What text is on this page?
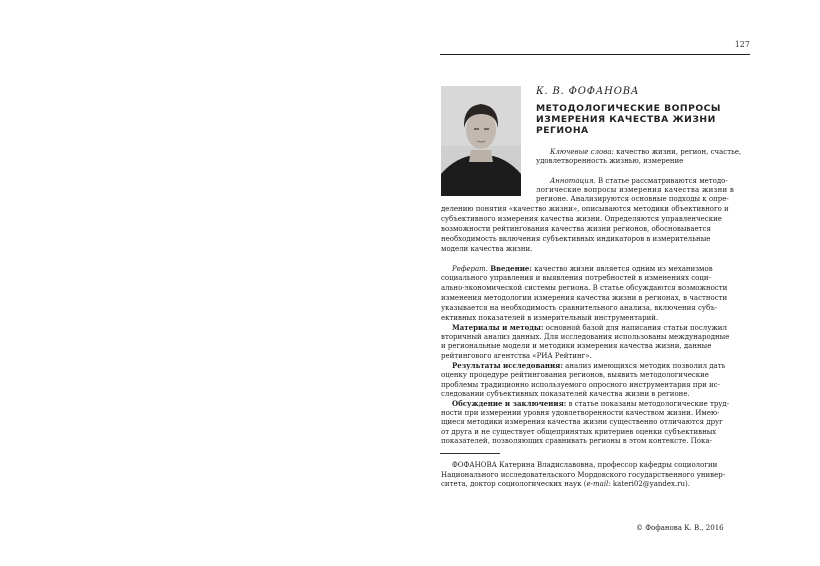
127
К. В. ФОФАНОВА
МЕТОДОЛОГИЧЕСКИЕ ВОПРОСЫ
ИЗМЕРЕНИЯ КАЧЕСТВА ЖИЗНИ
РЕГИОНА
Ключевые слова: качество жизни, регион, счастье,
удовлетворенность жизнью, измерение
Аннотация. В статье рассматриваются методо-
логические вопросы измерения качества жизни в
регионе. Анализируются основные подходы к опре-
делению понятия «качество жизни», описываются методики объективного и
субъективного измерения качества жизни. Определяются управленческие
возможности рейтингования качества жизни регионов, обосновывается
необходимость включения субъективных индикаторов в измерительные
модели качества жизни.
Реферат. Введение: качество жизни является одним из механизмов
социального управления и выявления потребностей в изменениях соци-
ально-экономической системы региона. В статье обсуждаются возможности
изменения методологии измерения качества жизни в регионах, в частности
указывается на необходимость сравнительного анализа, включения субъ-
ективных показателей в измерительный инструментарий.
Материалы и методы: основной базой для написания статьи послужил
вторичный анализ данных. Для исследования использованы международные
и региональные модели и методики измерения качества жизни, данные
рейтингового агентства «РИА Рейтинг».
Результаты исследования: анализ имеющихся методик позволил дать
оценку процедуре рейтингования регионов, выявить методологические
проблемы традиционно используемого опросного инструментария при ис-
следовании субъективных показателей качества жизни в регионе.
Обсуждение и заключения: в статье показаны методологические труд-
ности при измерении уровня удовлетворенности качеством жизни. Имею-
щиеся методики измерения качества жизни существенно отличаются друг
от друга и не существует общепринятых критериев оценки субъективных
показателей, позволяющих сравнивать регионы в этом контексте. Пока-
ФОФАНОВА Катерина Владиславовна, профессор кафедры социологии
Национального исследовательского Мордовского государственного универ-
ситета, доктор социологических наук (e-mail: kateri02@yandex.ru).
© Фофанова К. В., 2016
